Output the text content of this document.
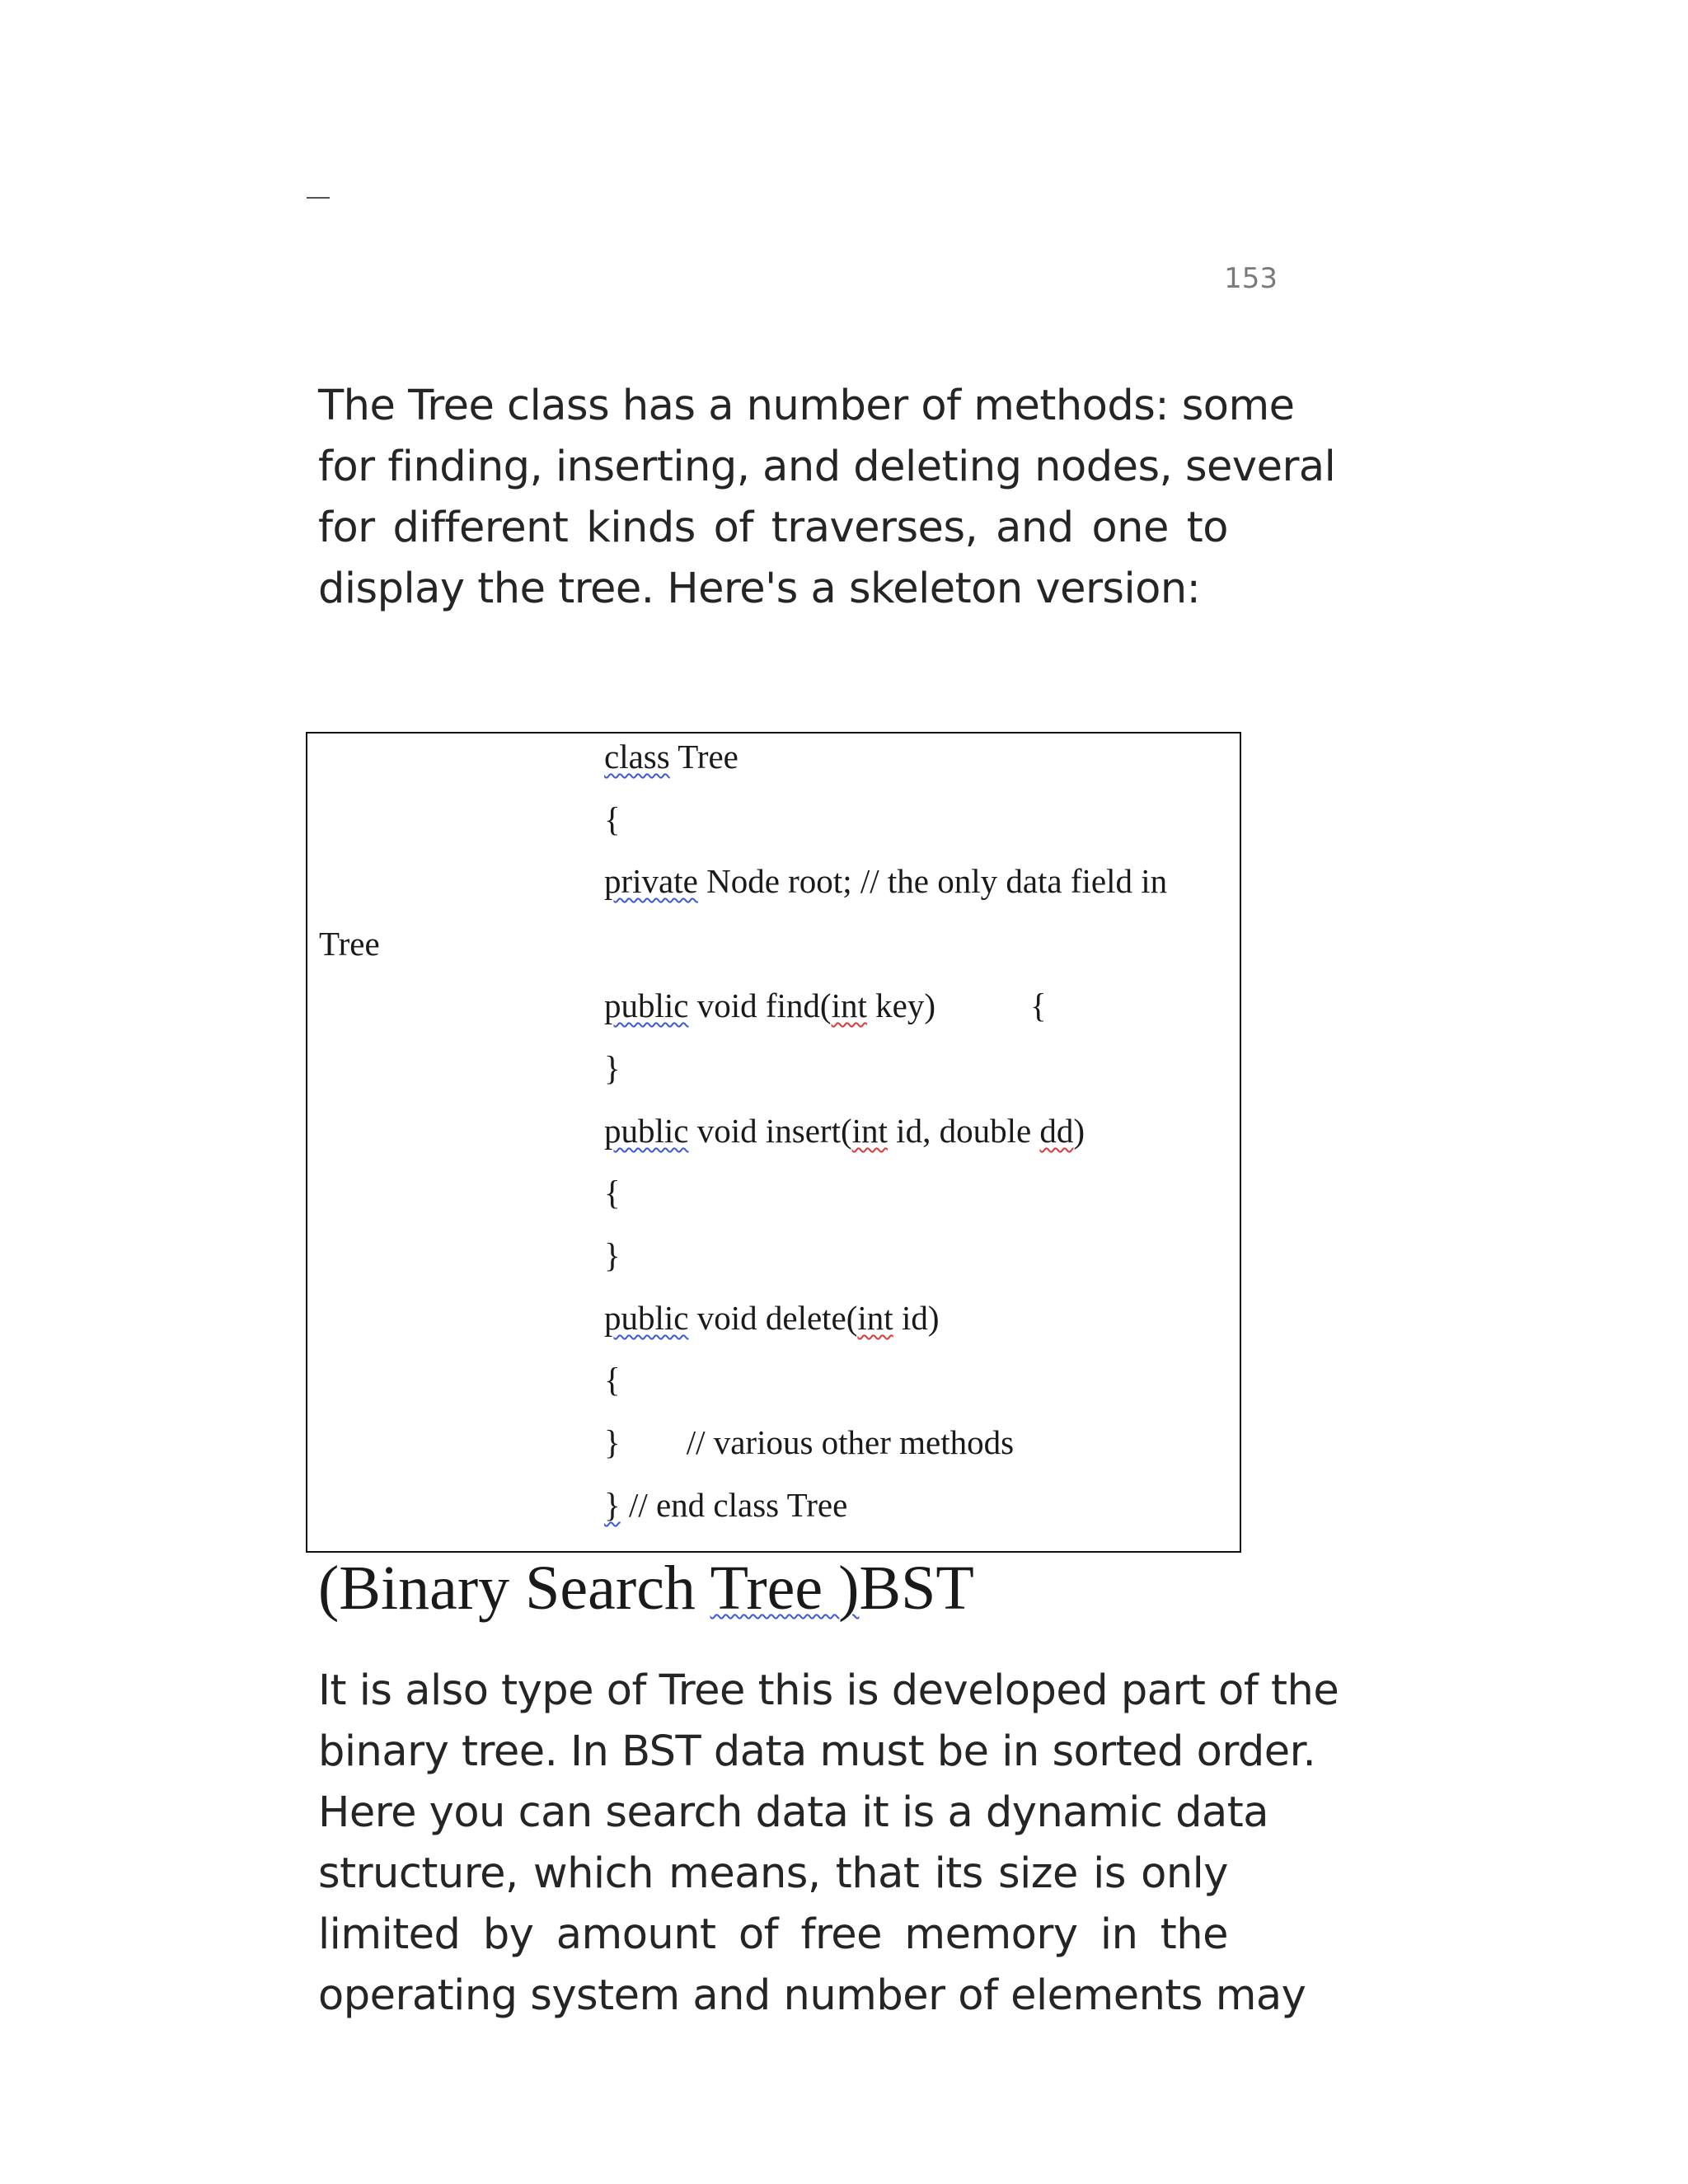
153
The Tree class has a number of methods: some
for finding, inserting, and deleting nodes, several
for different kinds of traverses, and one to
display the tree. Here's a skeleton version:
class Tree
{
private Node root; // the only data field in
Tree
public void find(int key)	{
}
public void insert(int id, double dd)
{
}
public void delete(int id)
{
} // various other methods
} // end class Tree
(Binary Search Tree )BST
It is also type of Tree this is developed part of the
binary tree. In BST data must be in sorted order.
Here you can search data it is a dynamic data
structure, which means, that its size is only
limited by amount of free memory in the
operating system and number of elements may
